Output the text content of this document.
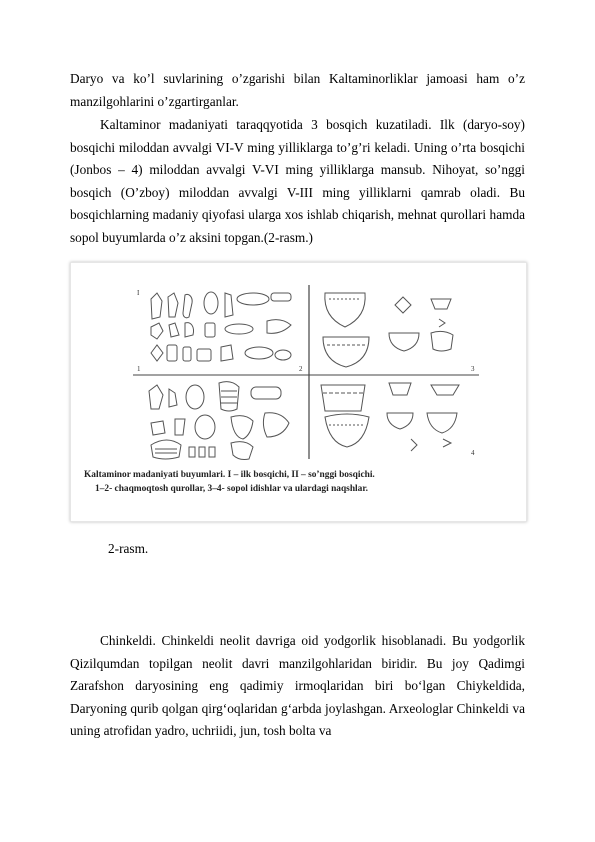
Daryo va ko’l suvlarining o’zgarishi bilan Kaltaminorliklar jamoasi ham o’z manzilgohlarini o’zgartirganlar.

Kaltaminor madaniyati taraqqyotida 3 bosqich kuzatiladi. Ilk (daryo-soy) bosqichi miloddan avvalgi VI-V ming yilliklarga to’g’ri keladi. Uning o’rta bosqichi (Jonbos – 4) miloddan avvalgi V-VI ming yilliklarga mansub. Nihoyat, so’nggi bosqich (O’zboy) miloddan avvalgi V-III ming yilliklarni qamrab oladi. Bu bosqichlarning madaniy qiyofasi ularga xos ishlab chiqarish, mehnat qurollari hamda sopol buyumlarda o’z aksini topgan.(2-rasm.)

I
1	2	3
4
Kaltaminor madaniyati buyumlari. I – ilk bosqichi, II – so’nggi bosqichi.
1–2- chaqmoqtosh qurollar, 3–4- sopol idishlar va ulardagi naqshlar.
2-rasm.

Chinkeldi. Chinkeldi neolit davriga oid yodgorlik hisoblanadi. Bu yodgorlik Qizilqumdan topilgan neolit davri manzilgohlaridan biridir. Bu joy Qadimgi Zarafshon daryosining eng qadimiy irmoqlaridan biri bo‘lgan Chiykeldida, Daryoning qurib qolgan qirg‘oqlaridan g‘arbda joylashgan. Arxeologlar Chinkeldi va uning atrofidan yadro, uchriidi, jun, tosh bolta va
